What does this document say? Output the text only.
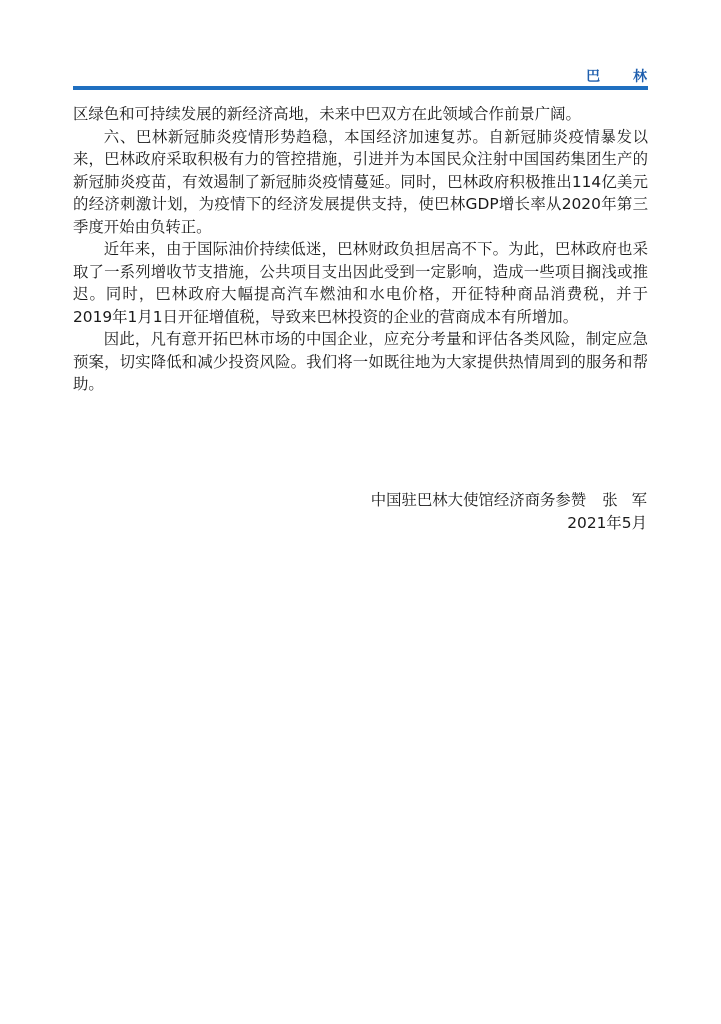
巴 林

区绿色和可持续发展的新经济高地，未来中巴双方在此领域合作前景广阔。

六、巴林新冠肺炎疫情形势趋稳，本国经济加速复苏。自新冠肺炎疫情暴发以来，巴林政府采取积极有力的管控措施，引进并为本国民众注射中国国药集团生产的新冠肺炎疫苗，有效遏制了新冠肺炎疫情蔓延。同时，巴林政府积极推出114亿美元的经济刺激计划，为疫情下的经济发展提供支持，使巴林GDP增长率从2020年第三季度开始由负转正。

近年来，由于国际油价持续低迷，巴林财政负担居高不下。为此，巴林政府也采取了一系列增收节支措施，公共项目支出因此受到一定影响，造成一些项目搁浅或推迟。同时，巴林政府大幅提高汽车燃油和水电价格，开征特种商品消费税，并于2019年1月1日开征增值税，导致来巴林投资的企业的营商成本有所增加。

因此，凡有意开拓巴林市场的中国企业，应充分考量和评估各类风险，制定应急预案，切实降低和减少投资风险。我们将一如既往地为大家提供热情周到的服务和帮助。

中国驻巴林大使馆经济商务参赞 张军
2021年5月
